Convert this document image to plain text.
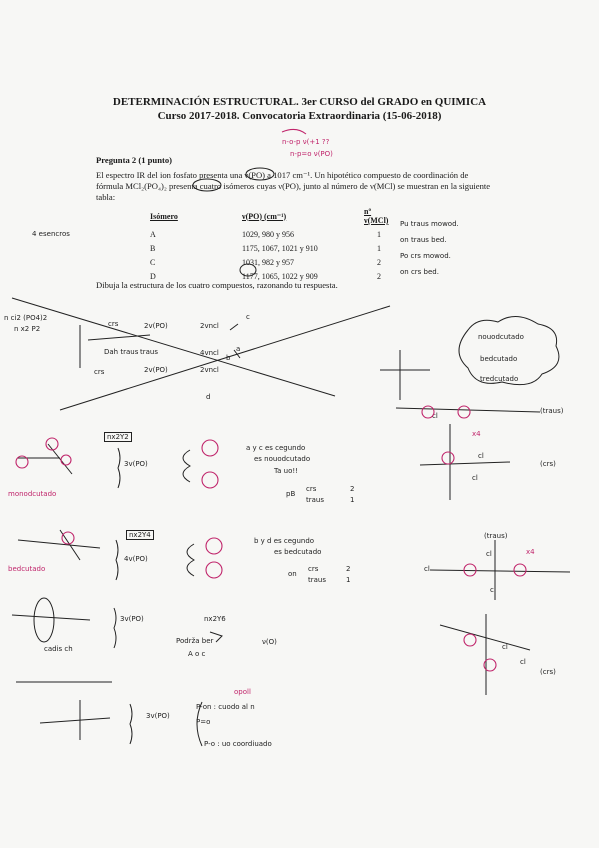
DETERMINACIÓN ESTRUCTURAL. 3er CURSO del GRADO en QUIMICA
Curso 2017-2018. Convocatoria Extraordinaria (15-06-2018)
Pregunta 2 (1 punto)
El espectro IR del ion fosfato presenta una ν(PO) a 1017 cm⁻¹. Un hipotético compuesto de coordinación de
fórmula MCl₂(PO₄)₂ presenta cuatro isómeros cuyas ν(PO), junto al número de ν(MCl) se muestran en la siguiente
tabla:
Isómero	ν(PO) (cm⁻¹)	nº ν(MCl)
A	1029, 980 y 956	1
B	1175, 1067, 1021 y 910	1
C	1031, 982 y 957	2
D	1177, 1065, 1022 y 909	2
Dibuja la estructura de los cuatro compuestos, razonando tu respuesta.
Pu traus mowod.
on traus bed.
Po crs mowod.
on crs bed.
4 esencros
n-o-p ν(+1 ??
n-p=o ν(PO)
n ci2 (PO4)2
n x2 P2	2v(PO)	2vncl
4vncl
2v(PO)	2vncl
crs
traus
crs
c
a
b
d
Dah traus
monodcutado
nx2Y2
3v(PO)
a y c es cegundo
es nouodcutado
Ta uo!!
pB
crs	2
traus	1
nx2Y4
4v(PO)
bedcutado
b y d es cegundo
es bedcutado
on
crs	2
traus	1
3v(PO)	nx2Y6
Podrža ber
A o c
ν(O)
cadis ch
opoll
P-on : cuodo al n
P=o
P-o : uo coordiuado
3v(PO)
nouodcutado
bedcutado
tredcutado
(traus)
(crs)
(traus)
(crs)
cl
cl
cl
cl
cl
cl
cl
cl
x4
x4
